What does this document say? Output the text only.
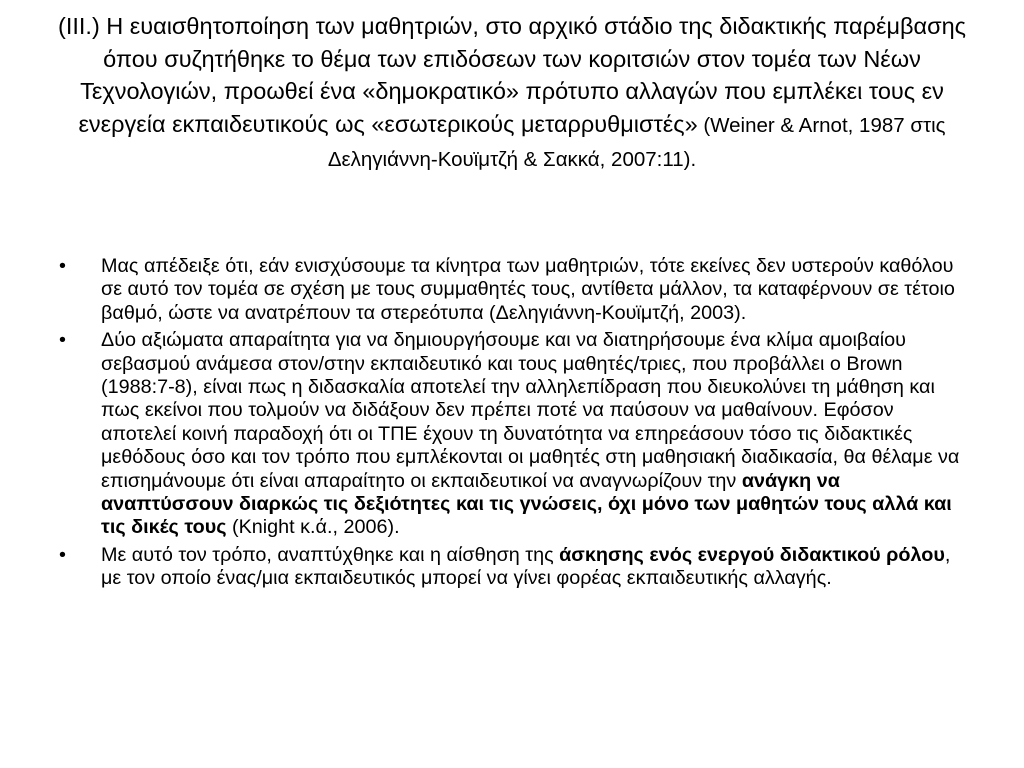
(ΙΙΙ.) Η ευαισθητοποίηση των μαθητριών, στο αρχικό στάδιο της διδακτικής παρέμβασης όπου συζητήθηκε το θέμα των επιδόσεων των κοριτσιών στον τομέα των Νέων Τεχνολογιών, προωθεί ένα «δημοκρατικό» πρότυπο αλλαγών που εμπλέκει τους εν ενεργεία εκπαιδευτικούς ως «εσωτερικούς μεταρρυθμιστές» (Weiner & Arnot, 1987 στις Δεληγιάννη-Κουϊμτζή & Σακκά, 2007:11).

• Μας απέδειξε ότι, εάν ενισχύσουμε τα κίνητρα των μαθητριών, τότε εκείνες δεν υστερούν καθόλου σε αυτό τον τομέα σε σχέση με τους συμμαθητές τους, αντίθετα μάλλον, τα καταφέρνουν σε τέτοιο βαθμό, ώστε να ανατρέπουν τα στερεότυπα (Δεληγιάννη-Κουϊμτζή, 2003).
• Δύο αξιώματα απαραίτητα για να δημιουργήσουμε και να διατηρήσουμε ένα κλίμα αμοιβαίου σεβασμού ανάμεσα στον/στην εκπαιδευτικό και τους μαθητές/τριες, που προβάλλει ο Brown (1988:7-8), είναι πως η διδασκαλία αποτελεί την αλληλεπίδραση που διευκολύνει τη μάθηση και πως εκείνοι που τολμούν να διδάξουν δεν πρέπει ποτέ να παύσουν να μαθαίνουν. Εφόσον αποτελεί κοινή παραδοχή ότι οι ΤΠΕ έχουν τη δυνατότητα να επηρεάσουν τόσο τις διδακτικές μεθόδους όσο και τον τρόπο που εμπλέκονται οι μαθητές στη μαθησιακή διαδικασία, θα θέλαμε να επισημάνουμε ότι είναι απαραίτητο οι εκπαιδευτικοί να αναγνωρίζουν την ανάγκη να αναπτύσσουν διαρκώς τις δεξιότητες και τις γνώσεις, όχι μόνο των μαθητών τους αλλά και τις δικές τους (Knight κ.ά., 2006).
• Με αυτό τον τρόπο, αναπτύχθηκε και η αίσθηση της άσκησης ενός ενεργού διδακτικού ρόλου, με τον οποίο ένας/μια εκπαιδευτικός μπορεί να γίνει φορέας εκπαιδευτικής αλλαγής.
